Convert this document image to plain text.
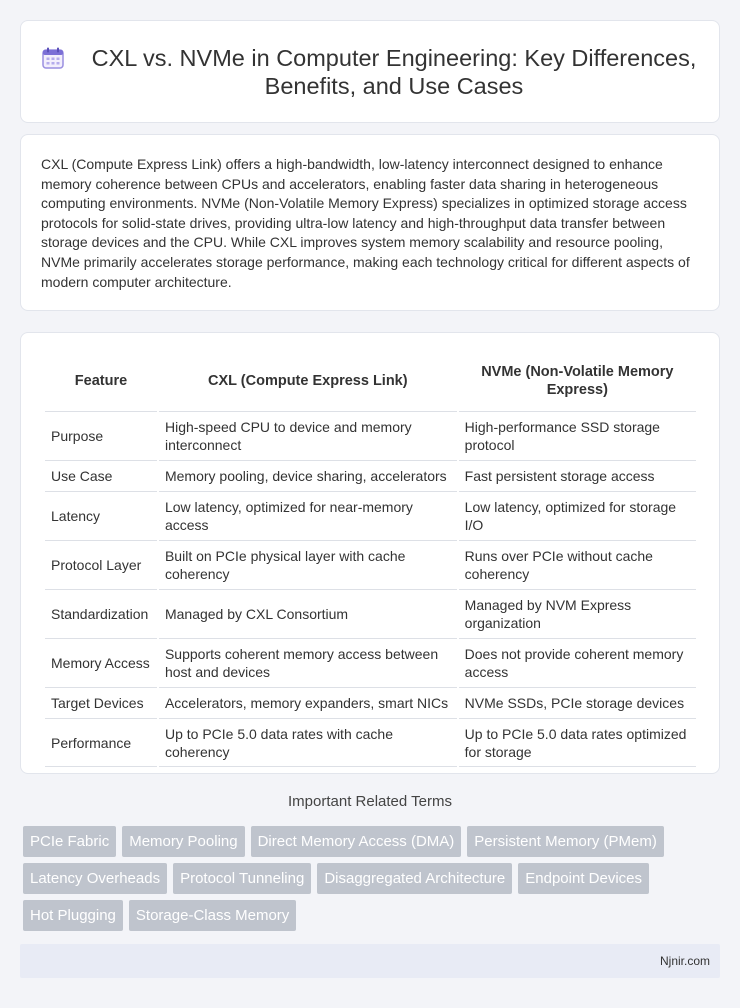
CXL vs. NVMe in Computer Engineering: Key Differences, Benefits, and Use Cases

CXL (Compute Express Link) offers a high-bandwidth, low-latency interconnect designed to enhance memory coherence between CPUs and accelerators, enabling faster data sharing in heterogeneous computing environments. NVMe (Non-Volatile Memory Express) specializes in optimized storage access protocols for solid-state drives, providing ultra-low latency and high-throughput data transfer between storage devices and the CPU. While CXL improves system memory scalability and resource pooling, NVMe primarily accelerates storage performance, making each technology critical for different aspects of modern computer architecture.

Feature	CXL (Compute Express Link)	NVMe (Non-Volatile Memory Express)
Purpose	High-speed CPU to device and memory interconnect	High-performance SSD storage protocol
Use Case	Memory pooling, device sharing, accelerators	Fast persistent storage access
Latency	Low latency, optimized for near-memory access	Low latency, optimized for storage I/O
Protocol Layer	Built on PCIe physical layer with cache coherency	Runs over PCIe without cache coherency
Standardization	Managed by CXL Consortium	Managed by NVM Express organization
Memory Access	Supports coherent memory access between host and devices	Does not provide coherent memory access
Target Devices	Accelerators, memory expanders, smart NICs	NVMe SSDs, PCIe storage devices
Performance	Up to PCIe 5.0 data rates with cache coherency	Up to PCIe 5.0 data rates optimized for storage
Important Related Terms
PCIe Fabric	Memory Pooling	Direct Memory Access (DMA)	Persistent Memory (PMem)
Latency Overheads	Protocol Tunneling	Disaggregated Architecture	Endpoint Devices
Hot Plugging	Storage-Class Memory
Njnir.com
